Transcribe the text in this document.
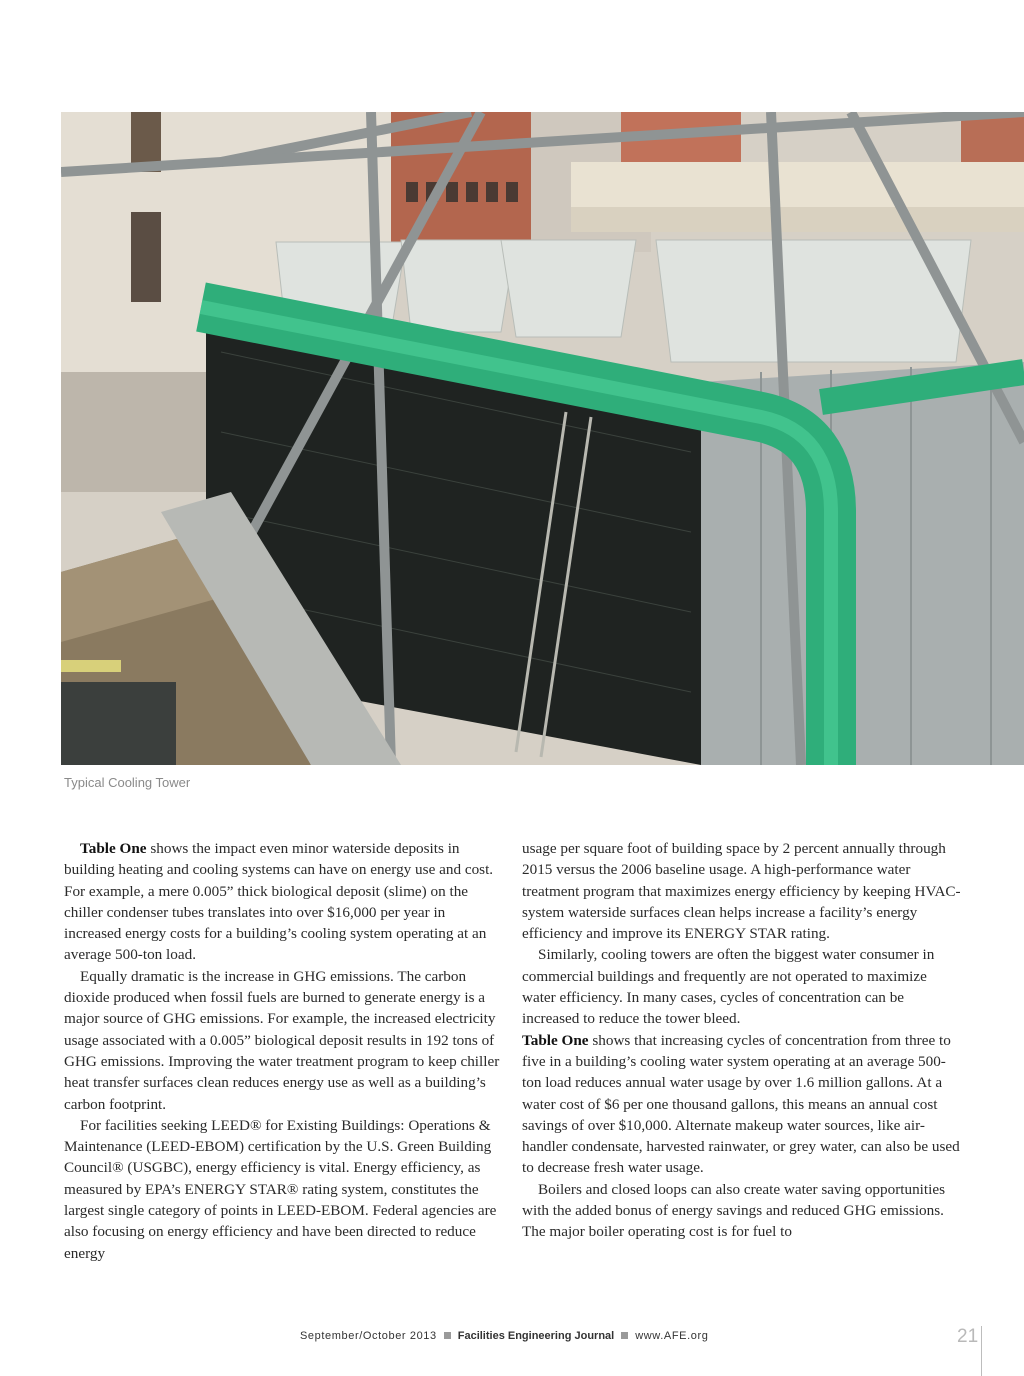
Typical Cooling Tower

Table One shows the impact even minor waterside deposits in building heating and cooling systems can have on energy use and cost. For example, a mere 0.005” thick biological deposit (slime) on the chiller condenser tubes translates into over $16,000 per year in increased energy costs for a building’s cooling system operating at an average 500-ton load.

Equally dramatic is the increase in GHG emissions. The carbon dioxide produced when fossil fuels are burned to generate energy is a major source of GHG emissions. For example, the increased electricity usage associated with a 0.005” biological deposit results in 192 tons of GHG emissions. Improving the water treatment program to keep chiller heat transfer surfaces clean reduces energy use as well as a building’s carbon footprint.

For facilities seeking LEED® for Existing Buildings: Operations & Maintenance (LEED-EBOM) certification by the U.S. Green Building Council® (USGBC), energy efficiency is vital. Energy efficiency, as measured by EPA’s ENERGY STAR® rating system, constitutes the largest single category of points in LEED-EBOM. Federal agencies are also focusing on energy efficiency and have been directed to reduce energy

usage per square foot of building space by 2 percent annually through 2015 versus the 2006 baseline usage. A high-performance water treatment program that maximizes energy efficiency by keeping HVAC-system waterside surfaces clean helps increase a facility’s energy efficiency and improve its ENERGY STAR rating.

Similarly, cooling towers are often the biggest water consumer in commercial buildings and frequently are not operated to maximize water efficiency. In many cases, cycles of concentration can be increased to reduce the tower bleed.

Table One shows that increasing cycles of concentration from three to five in a building’s cooling water system operating at an average 500-ton load reduces annual water usage by over 1.6 million gallons. At a water cost of $6 per one thousand gallons, this means an annual cost savings of over $10,000. Alternate makeup water sources, like air-handler condensate, harvested rainwater, or grey water, can also be used to decrease fresh water usage.

Boilers and closed loops can also create water saving opportunities with the added bonus of energy savings and reduced GHG emissions. The major boiler operating cost is for fuel to

September/October 2013 Facilities Engineering Journal www.AFE.org	21
